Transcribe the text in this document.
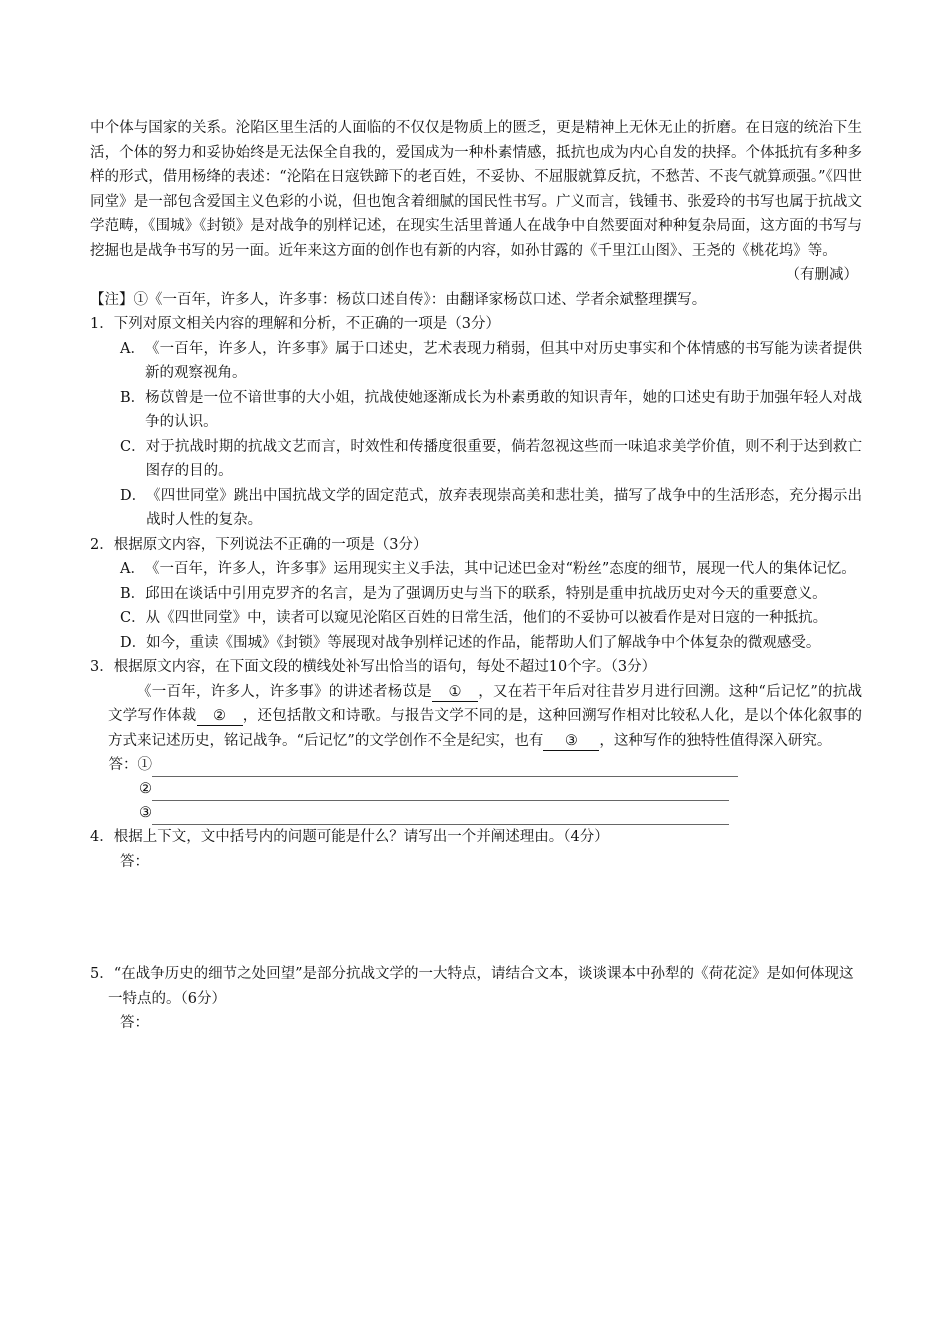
中个体与国家的关系。沦陷区里生活的人面临的不仅仅是物质上的匮乏，更是精神上无休无止的折磨。在日寇的统治下生活，个体的努力和妥协始终是无法保全自我的，爱国成为一种朴素情感，抵抗也成为内心自发的抉择。个体抵抗有多种多样的形式，借用杨绛的表述：“沦陷在日寇铁蹄下的老百姓，不妥协、不屈服就算反抗，不愁苦、不丧气就算顽强。”《四世同堂》是一部包含爱国主义色彩的小说，但也饱含着细腻的国民性书写。广义而言，钱锺书、张爱玲的书写也属于抗战文学范畴，《围城》《封锁》是对战争的别样记述，在现实生活里普通人在战争中自然要面对种种复杂局面，这方面的书写与挖掘也是战争书写的另一面。近年来这方面的创作也有新的内容，如孙甘露的《千里江山图》、王尧的《桃花坞》等。

（有删减）

【注】①《一百年，许多人，许多事：杨苡口述自传》：由翻译家杨苡口述、学者余斌整理撰写。

1．下列对原文相关内容的理解和分析，不正确的一项是（3分）

A． 《一百年，许多人，许多事》属于口述史，艺术表现力稍弱，但其中对历史事实和个体情感的书写能为读者提供新的观察视角。
B． 杨苡曾是一位不谙世事的大小姐，抗战使她逐渐成长为朴素勇敢的知识青年，她的口述史有助于加强年轻人对战争的认识。
C． 对于抗战时期的抗战文艺而言，时效性和传播度很重要，倘若忽视这些而一味追求美学价值，则不利于达到救亡图存的目的。
D． 《四世同堂》跳出中国抗战文学的固定范式，放弃表现崇高美和悲壮美，描写了战争中的生活形态，充分揭示出战时人性的复杂。

2．根据原文内容，下列说法不正确的一项是（3分）

A． 《一百年，许多人，许多事》运用现实主义手法，其中记述巴金对“粉丝”态度的细节，展现一代人的集体记忆。
B． 邱田在谈话中引用克罗齐的名言，是为了强调历史与当下的联系，特别是重申抗战历史对今天的重要意义。
C． 从《四世同堂》中，读者可以窥见沦陷区百姓的日常生活，他们的不妥协可以被看作是对日寇的一种抵抗。
D． 如今，重读《围城》《封锁》等展现对战争别样记述的作品，能帮助人们了解战争中个体复杂的微观感受。

3．根据原文内容，在下面文段的横线处补写出恰当的语句，每处不超过10个字。（3分）

《一百年，许多人，许多事》的讲述者杨苡是 ① ，又在若干年后对往昔岁月进行回溯。这种“后记忆”的抗战文学写作体裁 ② ，还包括散文和诗歌。与报告文学不同的是，这种回溯写作相对比较私人化，是以个体化叙事的方式来记述历史，铭记战争。“后记忆”的文学创作不全是纪实，也有 ③ ，这种写作的独特性值得深入研究。

答：①
②
③

4．根据上下文，文中括号内的问题可能是什么？请写出一个并阐述理由。（4分）

答：

5．“在战争历史的细节之处回望”是部分抗战文学的一大特点，请结合文本，谈谈课本中孙犁的《荷花淀》是如何体现这一特点的。（6分）

答：
